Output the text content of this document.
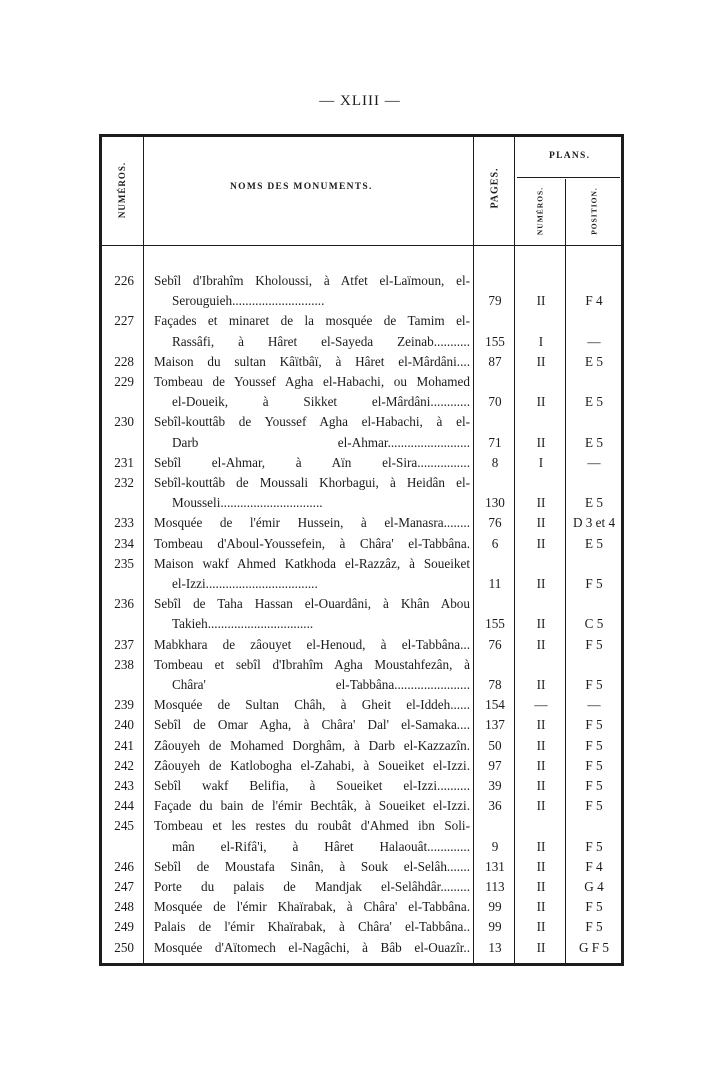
— XLIII —
NUMÉROS.	NOMS DES MONUMENTS.	PAGES.
PLANS.
NUMÉROS.	POSITION.
226 Sebîl d'Ibrahîm Kholoussi, à Atfet el-Laïmoun, el-
Serouguieh............................	79	II	F 4
227 Façades et minaret de la mosquée de Tamim el-
Rassâfi, à Hâret el-Sayeda Zeinab...........	155	I	—
228 Maison du sultan Kâïtbâï, à Hâret el-Mârdâni....	87	II	E 5
229 Tombeau de Youssef Agha el-Habachi, ou Mohamed
el-Doueik, à Sikket el-Mârdâni............	70	II	E 5
230 Sebîl-kouttâb de Youssef Agha el-Habachi, à el-
Darb el-Ahmar.........................	71	II	E 5
231 Sebîl el-Ahmar, à Aïn el-Sira................	8	I	—
232 Sebîl-kouttâb de Moussali Khorbagui, à Heidân el-
Mousseli...............................	130	II	E 5
233 Mosquée de l'émir Hussein, à el-Manasra........	76	II	D 3 et 4
234 Tombeau d'Aboul-Youssefein, à Châra' el-Tabbâna.	6	II	E 5
235 Maison wakf Ahmed Katkhoda el-Razzâz, à Soueiket
el-Izzi..................................	11	II	F 5
236 Sebîl de Taha Hassan el-Ouardâni, à Khân Abou
Takieh................................	155	II	C 5
237 Mabkhara de zâouyet el-Henoud, à el-Tabbâna...	76	II	F 5
238 Tombeau et sebîl d'Ibrahîm Agha Moustahfezân, à
Châra' el-Tabbâna.......................	78	II	F 5
239 Mosquée de Sultan Châh, à Gheit el-Iddeh......	154	—	—
240 Sebîl de Omar Agha, à Châra' Dal' el-Samaka....	137	II	F 5
241 Zâouyeh de Mohamed Dorghâm, à Darb el-Kazzazîn.	50	II	F 5
242 Zâouyeh de Katlobogha el-Zahabi, à Soueiket el-Izzi.	97	II	F 5
243 Sebîl wakf Belifia, à Soueiket el-Izzi..........	39	II	F 5
244 Façade du bain de l'émir Bechtâk, à Soueiket el-Izzi.	36	II	F 5
245 Tombeau et les restes du roubât d'Ahmed ibn Soli-
mân el-Rifâ'i, à Hâret Halaouât.............	9	II	F 5
246 Sebîl de Moustafa Sinân, à Souk el-Selâh.......	131	II	F 4
247 Porte du palais de Mandjak el-Selâhdâr.........	113	II	G 4
248 Mosquée de l'émir Khaïrabak, à Châra' el-Tabbâna.	99	II	F 5
249 Palais de l'émir Khaïrabak, à Châra' el-Tabbâna..	99	II	F 5
250 Mosquée d'Aïtomech el-Nagâchi, à Bâb el-Ouazîr..	13	II	G F 5
